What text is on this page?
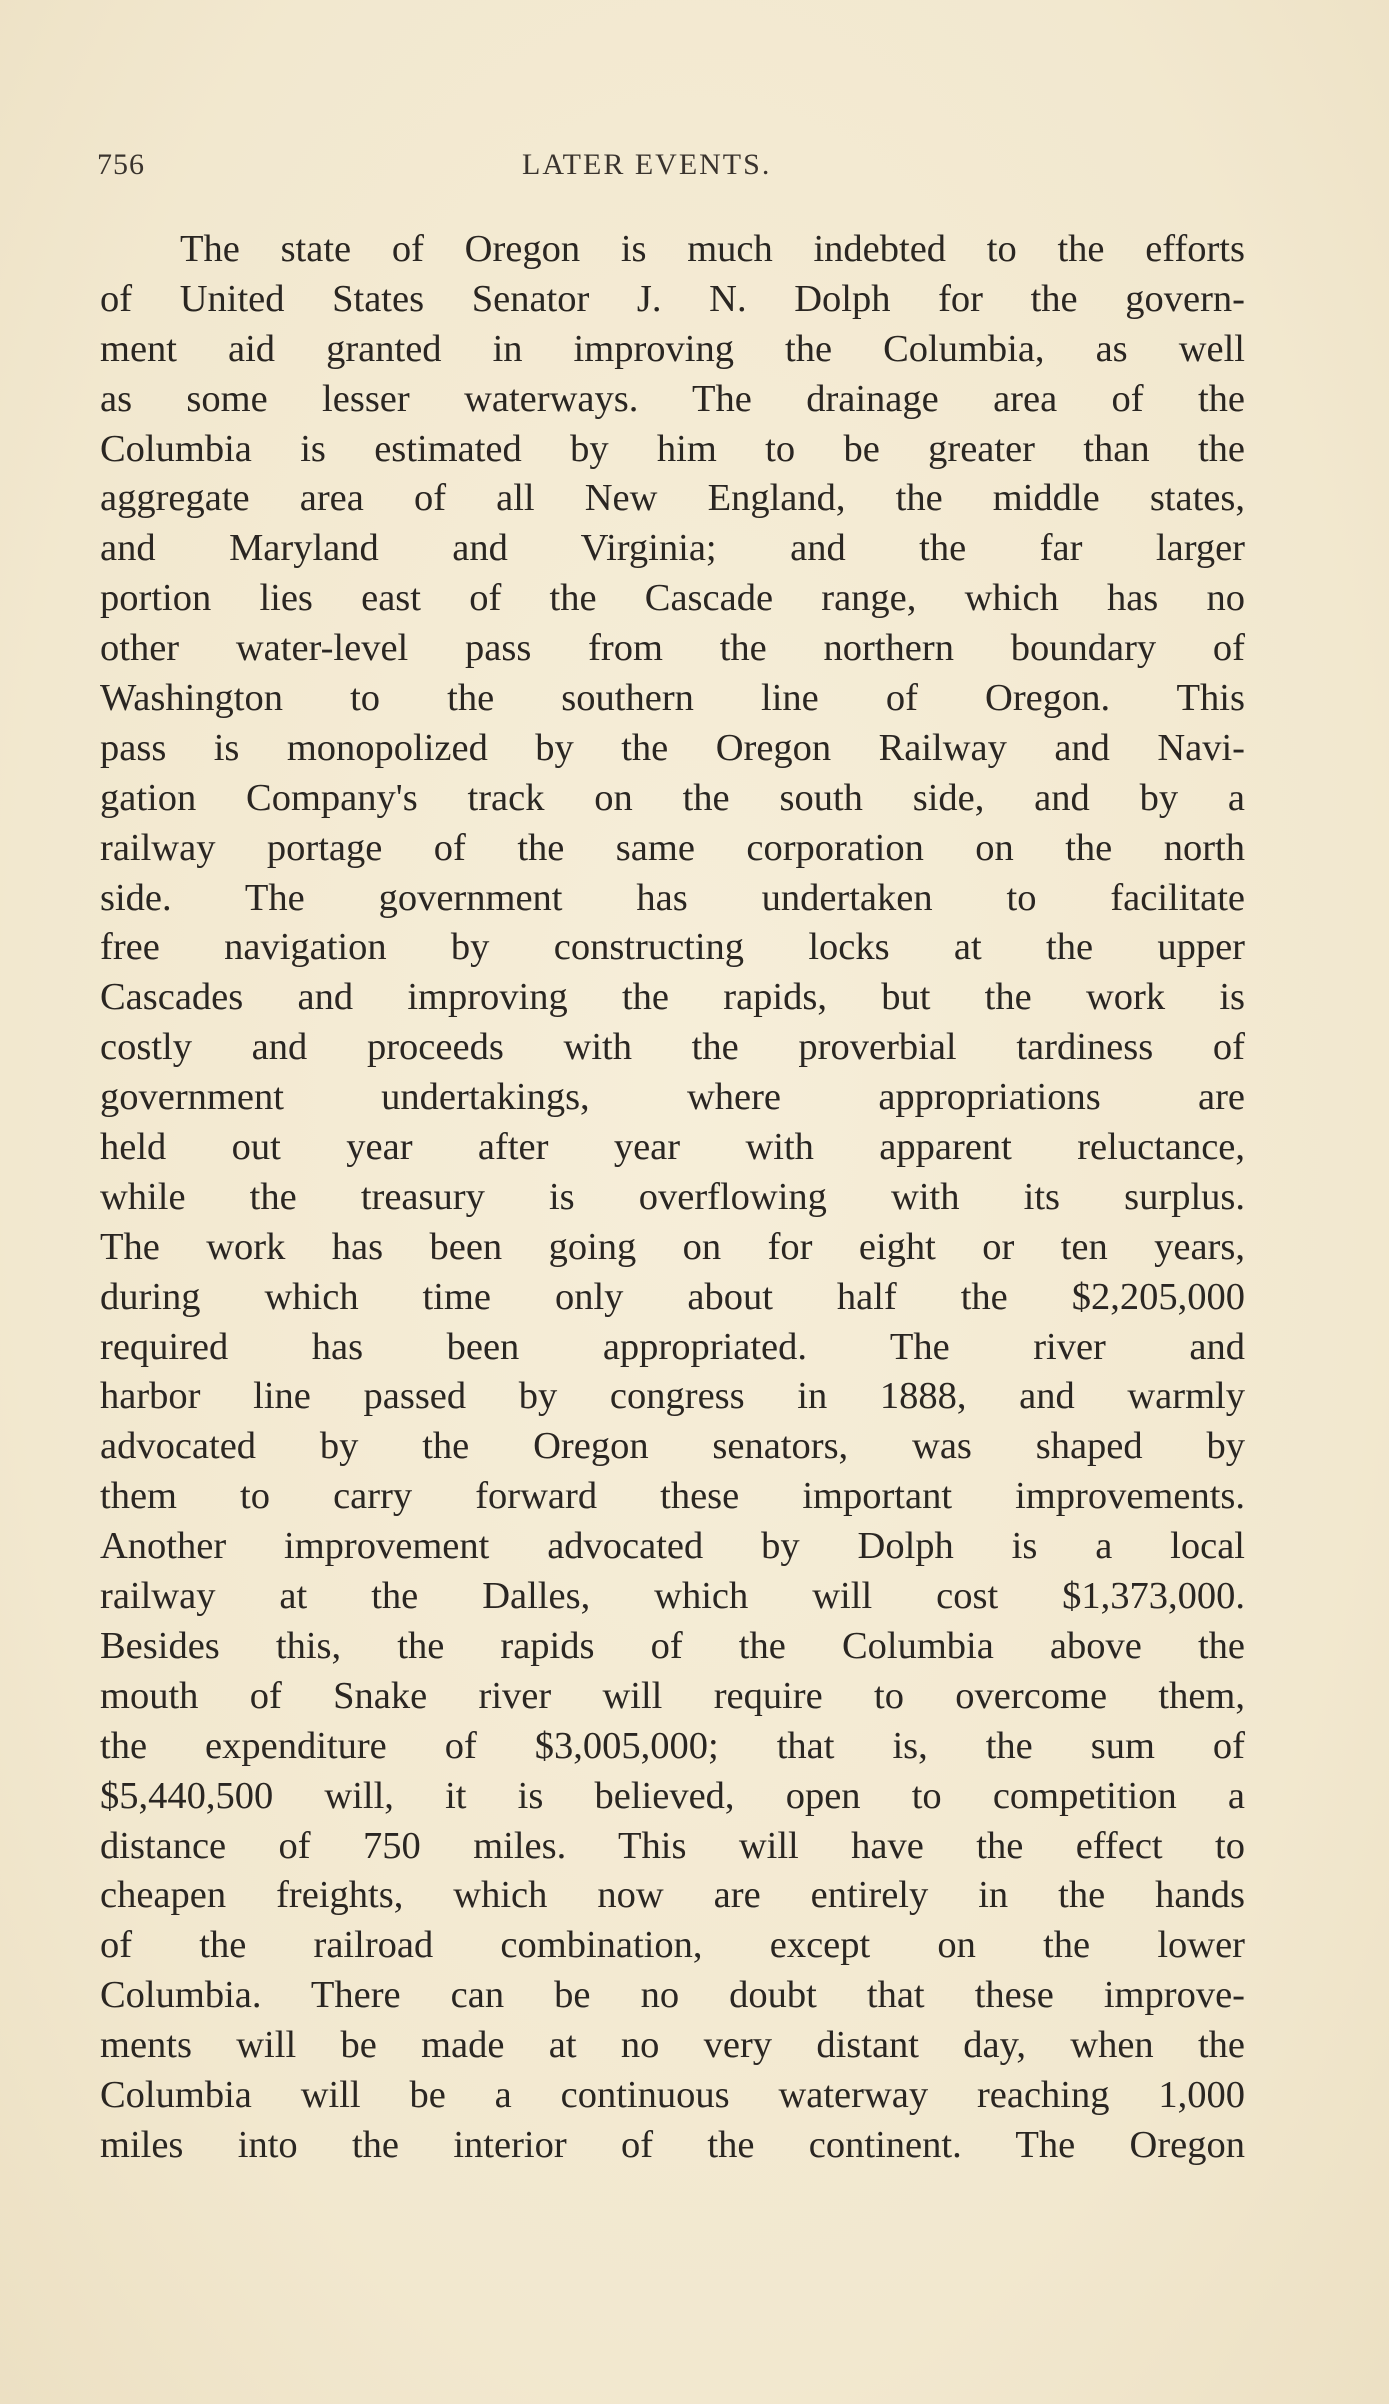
756	LATER EVENTS.
The state of Oregon is much indebted to the efforts
of United States Senator J. N. Dolph for the govern-
ment aid granted in improving the Columbia, as well
as some lesser waterways. The drainage area of the
Columbia is estimated by him to be greater than the
aggregate area of all New England, the middle states,
and Maryland and Virginia; and the far larger
portion lies east of the Cascade range, which has no
other water-level pass from the northern boundary of
Washington to the southern line of Oregon. This
pass is monopolized by the Oregon Railway and Navi-
gation Company's track on the south side, and by a
railway portage of the same corporation on the north
side. The government has undertaken to facilitate
free navigation by constructing locks at the upper
Cascades and improving the rapids, but the work is
costly and proceeds with the proverbial tardiness of
government undertakings, where appropriations are
held out year after year with apparent reluctance,
while the treasury is overflowing with its surplus.
The work has been going on for eight or ten years,
during which time only about half the $2,205,000
required has been appropriated. The river and
harbor line passed by congress in 1888, and warmly
advocated by the Oregon senators, was shaped by
them to carry forward these important improvements.
Another improvement advocated by Dolph is a local
railway at the Dalles, which will cost $1,373,000.
Besides this, the rapids of the Columbia above the
mouth of Snake river will require to overcome them,
the expenditure of $3,005,000; that is, the sum of
$5,440,500 will, it is believed, open to competition a
distance of 750 miles. This will have the effect to
cheapen freights, which now are entirely in the hands
of the railroad combination, except on the lower
Columbia. There can be no doubt that these improve-
ments will be made at no very distant day, when the
Columbia will be a continuous waterway reaching 1,000
miles into the interior of the continent. The Oregon
